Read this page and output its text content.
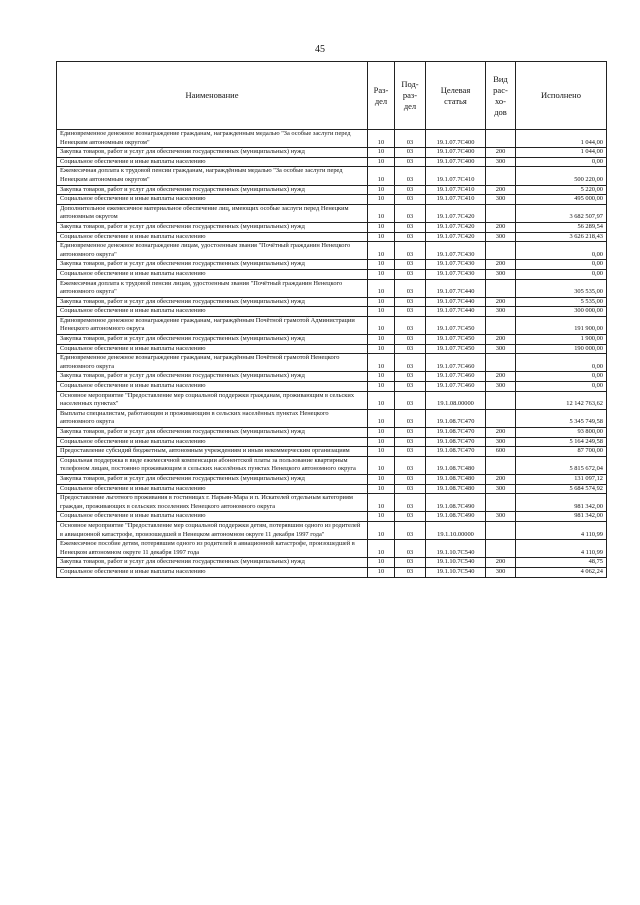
45
Наименование	Раз- дел	Под- раз- дел	Целевая статья	Вид рас- хо- дов	Исполнено
Единовременное денежное вознаграждение гражданам, награжденным медалью "За особые заслуги перед Ненецким автономным округом"	10	03	19.1.07.7С400		1 044,00
Закупка товаров, работ и услуг для обеспечения государственных (муниципальных) нужд	10	03	19.1.07.7С400	200	1 044,00
Социальное обеспечение и иные выплаты населению	10	03	19.1.07.7С400	300	0,00
Ежемесячная доплата к трудовой пенсии гражданам, награждённым медалью "За особые заслуги перед Ненецким автономным округом"	10	03	19.1.07.7С410		500 220,00
Закупка товаров, работ и услуг для обеспечения государственных (муниципальных) нужд	10	03	19.1.07.7С410	200	5 220,00
Социальное обеспечение и иные выплаты населению	10	03	19.1.07.7С410	300	495 000,00
Дополнительное ежемесячное материальное обеспечение лиц, имеющих особые заслуги перед Ненецким автономным округом	10	03	19.1.07.7С420		3 682 507,97
Закупка товаров, работ и услуг для обеспечения государственных (муниципальных) нужд	10	03	19.1.07.7С420	200	56 289,54
Социальное обеспечение и иные выплаты населению	10	03	19.1.07.7С420	300	3 626 218,43
Единовременное денежное вознаграждение лицам, удостоенным звания "Почётный гражданин Ненецкого автономного округа"	10	03	19.1.07.7С430		0,00
Закупка товаров, работ и услуг для обеспечения государственных (муниципальных) нужд	10	03	19.1.07.7С430	200	0,00
Социальное обеспечение и иные выплаты населению	10	03	19.1.07.7С430	300	0,00
Ежемесячная доплата к трудовой пенсии лицам, удостоенным звания "Почётный гражданин Ненецкого автономного округа"	10	03	19.1.07.7С440		305 535,00
Закупка товаров, работ и услуг для обеспечения государственных (муниципальных) нужд	10	03	19.1.07.7С440	200	5 535,00
Социальное обеспечение и иные выплаты населению	10	03	19.1.07.7С440	300	300 000,00
Единовременное денежное вознаграждение гражданам, награждённым Почётной грамотой Администрации Ненецкого автономного округа	10	03	19.1.07.7С450		191 900,00
Закупка товаров, работ и услуг для обеспечения государственных (муниципальных) нужд	10	03	19.1.07.7С450	200	1 900,00
Социальное обеспечение и иные выплаты населению	10	03	19.1.07.7С450	300	190 000,00
Единовременное денежное вознаграждение гражданам, награждённым Почётной грамотой Ненецкого автономного округа	10	03	19.1.07.7С460		0,00
Закупка товаров, работ и услуг для обеспечения государственных (муниципальных) нужд	10	03	19.1.07.7С460	200	0,00
Социальное обеспечение и иные выплаты населению	10	03	19.1.07.7С460	300	0,00
Основное мероприятие "Предоставление мер социальной поддержки гражданам, проживающим в сельских населенных пунктах"	10	03	19.1.08.00000		12 142 763,62
Выплаты специалистам, работающим и проживающим в сельских населённых пунктах Ненецкого автономного округа	10	03	19.1.08.7С470		5 345 749,58
Закупка товаров, работ и услуг для обеспечения государственных (муниципальных) нужд	10	03	19.1.08.7С470	200	93 800,00
Социальное обеспечение и иные выплаты населению	10	03	19.1.08.7С470	300	5 164 249,58
Предоставление субсидий бюджетным, автономным учреждениям и иным некоммерческим организациям	10	03	19.1.08.7С470	600	87 700,00
Социальная поддержка в виде ежемесячной компенсации абонентской платы за пользование квартирным телефоном лицам, постоянно проживающим в сельских населённых пунктах Ненецкого автономного округа	10	03	19.1.08.7С480		5 815 672,04
Закупка товаров, работ и услуг для обеспечения государственных (муниципальных) нужд	10	03	19.1.08.7С480	200	131 097,12
Социальное обеспечение и иные выплаты населению	10	03	19.1.08.7С480	300	5 684 574,92
Предоставление льготного проживания в гостиницах г. Нарьян-Мара и п. Искателей отдельным категориям граждан, проживающих в сельских поселениях Ненецкого автономного округа	10	03	19.1.08.7С490		981 342,00
Социальное обеспечение и иные выплаты населению	10	03	19.1.08.7С490	300	981 342,00
Основное мероприятие "Предоставление мер социальной поддержки детям, потерявшим одного из родителей в авиационной катастрофе, произошедшей в Ненецком автономном округе 11 декабря 1997 года"	10	03	19.1.10.00000		4 110,99
Ежемесячное пособие детям, потерявшим одного из родителей в авиационной катастрофе, произошедшей в Ненецком автономном округе 11 декабря 1997 года	10	03	19.1.10.7С540		4 110,99
Закупка товаров, работ и услуг для обеспечения государственных (муниципальных) нужд	10	03	19.1.10.7С540	200	48,75
Социальное обеспечение и иные выплаты населению	10	03	19.1.10.7С540	300	4 062,24
